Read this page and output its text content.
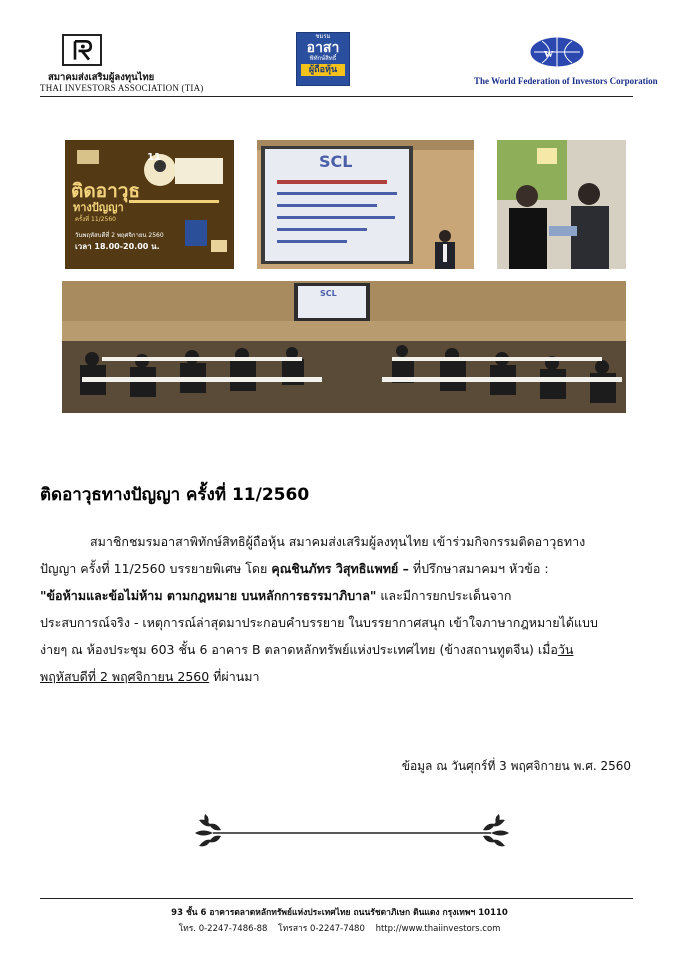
สมาคมส่งเสริมผู้ลงทุนไทย
THAI INVESTORS ASSOCIATION (TIA)
ชมรม
อาสา
พิทักษ์สิทธิ์
ผู้ถือหุ้น
w
The World Federation of Investors Corporation
11
ติดอาวุธ
ทางปัญญา
ครั้งที่ 11/2560
วันพฤหัสบดีที่ 2 พฤศจิกายน 2560
เวลา 18.00-20.00 น.
SCL
SCL
ติดอาวุธทางปัญญา ครั้งที่ 11/2560
สมาชิกชมรมอาสาพิทักษ์สิทธิผู้ถือหุ้น สมาคมส่งเสริมผู้ลงทุนไทย เข้าร่วมกิจกรรมติดอาวุธทาง
ปัญญา ครั้งที่ 11/2560 บรรยายพิเศษ โดย คุณชินภัทร วิสุทธิแพทย์ – ที่ปรึกษาสมาคมฯ หัวข้อ :
"ข้อห้ามและข้อไม่ห้าม ตามกฎหมาย บนหลักการธรรมาภิบาล" และมีการยกประเด็นจาก
ประสบการณ์จริง - เหตุการณ์ล่าสุดมาประกอบคำบรรยาย ในบรรยากาศสนุก เข้าใจภาษากฎหมายได้แบบ
ง่ายๆ ณ ห้องประชุม 603 ชั้น 6 อาคาร B ตลาดหลักทรัพย์แห่งประเทศไทย (ข้างสถานทูตจีน) เมื่อวัน
พฤหัสบดีที่ 2 พฤศจิกายน 2560 ที่ผ่านมา
ข้อมูล ณ วันศุกร์ที่ 3 พฤศจิกายน พ.ศ. 2560
93 ชั้น 6 อาคารตลาดหลักทรัพย์แห่งประเทศไทย ถนนรัชดาภิเษก ดินแดง กรุงเทพฯ 10110
โทร. 0-2247-7486-88 โทรสาร 0-2247-7480 http://www.thaiinvestors.com
